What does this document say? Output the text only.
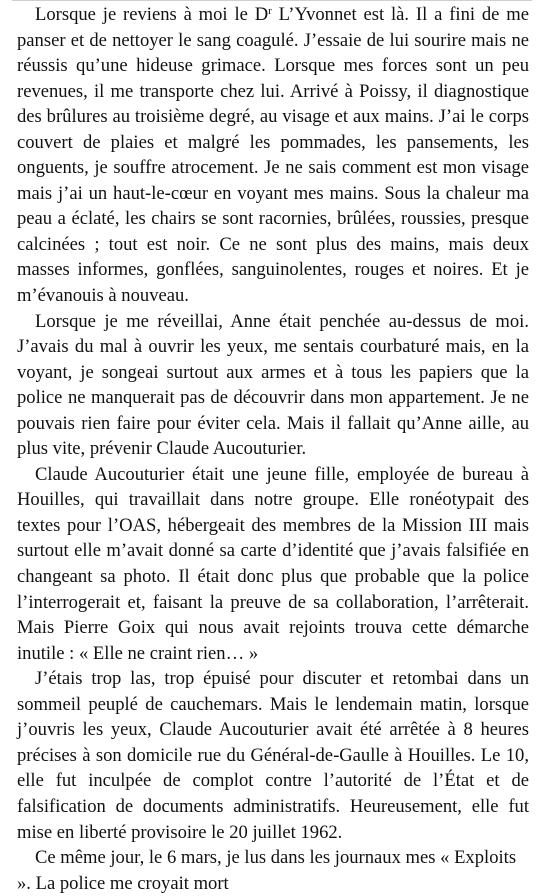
Lorsque je reviens à moi le $D^r$ L’Yvonnet est là. Il a fini de me panser et de nettoyer le sang coagulé. J’essaie de lui sourire mais ne réussis qu’une hideuse grimace. Lorsque mes forces sont un peu revenues, il me transporte chez lui. Arrivé à Poissy, il diagnostique des brûlures au troisième degré, au visage et aux mains. J’ai le corps couvert de plaies et malgré les pommades, les pansements, les onguents, je souffre atrocement. Je ne sais comment est mon visage mais j’ai un haut-le-cœur en voyant mes mains. Sous la chaleur ma peau a éclaté, les chairs se sont racornies, brûlées, roussies, presque calcinées ; tout est noir. Ce ne sont plus des mains, mais deux masses informes, gonflées, sanguinolentes, rouges et noires. Et je m’évanouis à nouveau.

Lorsque je me réveillai, Anne était penchée au-dessus de moi. J’avais du mal à ouvrir les yeux, me sentais courbaturé mais, en la voyant, je songeai surtout aux armes et à tous les papiers que la police ne manquerait pas de découvrir dans mon appartement. Je ne pouvais rien faire pour éviter cela. Mais il fallait qu’Anne aille, au plus vite, prévenir Claude Aucouturier.

Claude Aucouturier était une jeune fille, employée de bureau à Houilles, qui travaillait dans notre groupe. Elle ronéotypait des textes pour l’OAS, hébergeait des membres de la Mission III mais surtout elle m’avait donné sa carte d’identité que j’avais falsifiée en changeant sa photo. Il était donc plus que probable que la police l’interrogerait et, faisant la preuve de sa collaboration, l’arrêterait. Mais Pierre Goix qui nous avait rejoints trouva cette démarche inutile : « Elle ne craint rien… »

J’étais trop las, trop épuisé pour discuter et retombai dans un sommeil peuplé de cauchemars. Mais le lendemain matin, lorsque j’ouvris les yeux, Claude Aucouturier avait été arrêtée à 8 heures précises à son domicile rue du Général-de-Gaulle à Houilles. Le 10, elle fut inculpée de complot contre l’autorité de l’État et de falsification de documents administratifs. Heureusement, elle fut mise en liberté provisoire le 20 juillet 1962.

Ce même jour, le 6 mars, je lus dans les journaux mes « Exploits ». La police me croyait mort
